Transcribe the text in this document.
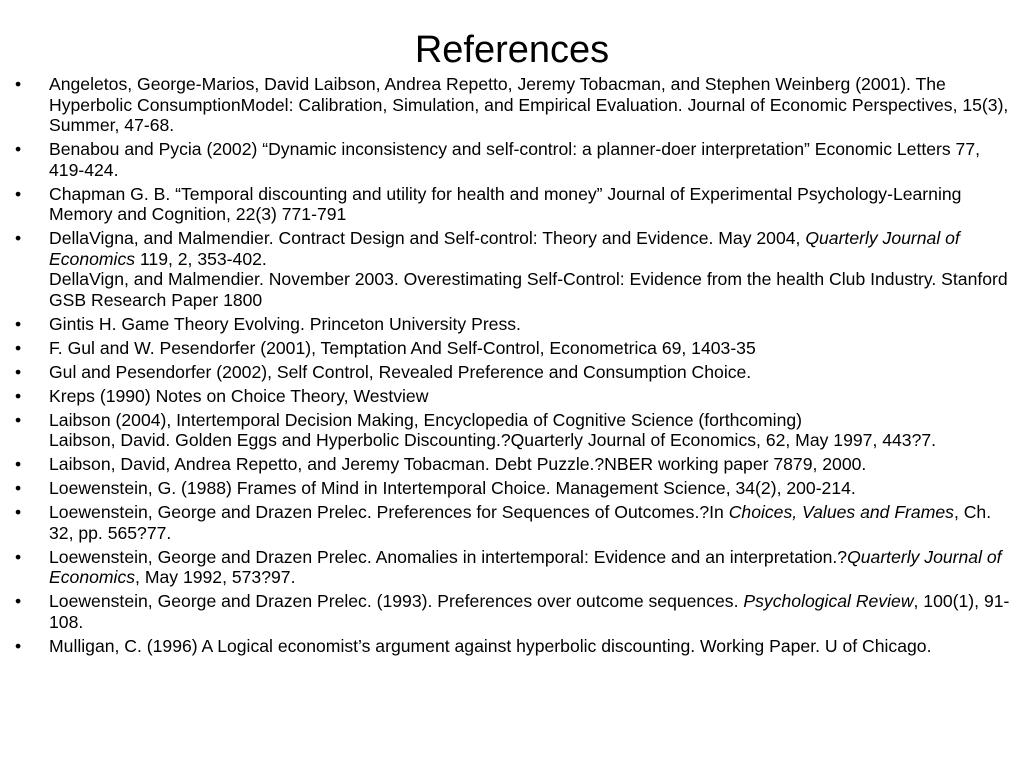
References
• Angeletos, George-Marios, David Laibson, Andrea Repetto, Jeremy Tobacman, and Stephen Weinberg (2001). The Hyperbolic ConsumptionModel: Calibration, Simulation, and Empirical Evaluation. Journal of Economic Perspectives, 15(3), Summer, 47-68.
• Benabou and Pycia (2002) “Dynamic inconsistency and self-control: a planner-doer interpretation” Economic Letters 77, 419-424.
• Chapman G. B. “Temporal discounting and utility for health and money” Journal of Experimental Psychology-Learning Memory and Cognition, 22(3) 771-791
• DellaVigna, and Malmendier. Contract Design and Self-control: Theory and Evidence. May 2004, Quarterly Journal of Economics 119, 2, 353-402.
DellaVign, and Malmendier. November 2003. Overestimating Self-Control: Evidence from the health Club Industry. Stanford GSB Research Paper 1800
• Gintis H. Game Theory Evolving. Princeton University Press.
• F. Gul and W. Pesendorfer (2001), Temptation And Self-Control, Econometrica 69, 1403-35
• Gul and Pesendorfer (2002), Self Control, Revealed Preference and Consumption Choice.
• Kreps (1990) Notes on Choice Theory, Westview
• Laibson (2004), Intertemporal Decision Making, Encyclopedia of Cognitive Science (forthcoming)
Laibson, David. Golden Eggs and Hyperbolic Discounting.?Quarterly Journal of Economics, 62, May 1997, 443?7.
• Laibson, David, Andrea Repetto, and Jeremy Tobacman. Debt Puzzle.?NBER working paper 7879, 2000.
• Loewenstein, G. (1988) Frames of Mind in Intertemporal Choice. Management Science, 34(2), 200-214.
• Loewenstein, George and Drazen Prelec. Preferences for Sequences of Outcomes.?In Choices, Values and Frames, Ch. 32, pp. 565?77.
• Loewenstein, George and Drazen Prelec. Anomalies in intertemporal: Evidence and an interpretation.?Quarterly Journal of Economics, May 1992, 573?97.
• Loewenstein, George and Drazen Prelec. (1993). Preferences over outcome sequences. Psychological Review, 100(1), 91-108.
• Mulligan, C. (1996) A Logical economist’s argument against hyperbolic discounting. Working Paper. U of Chicago.
